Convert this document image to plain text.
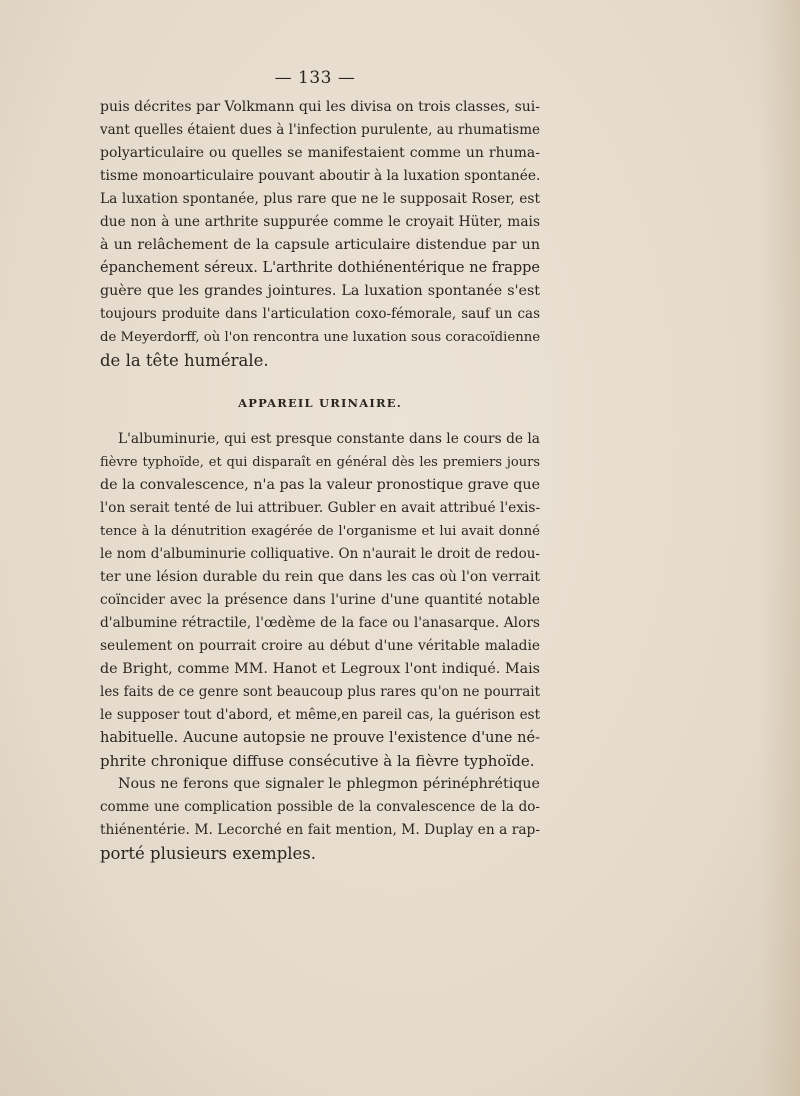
— 133 —
puis décrites par Volkmann qui les divisa on trois classes, sui-
vant quelles étaient dues à l'infection purulente, au rhumatisme
polyarticulaire ou quelles se manifestaient comme un rhuma-
tisme monoarticulaire pouvant aboutir à la luxation spontanée.
La luxation spontanée, plus rare que ne le supposait Roser, est
due non à une arthrite suppurée comme le croyait Hüter, mais
à un relâchement de la capsule articulaire distendue par un
épanchement séreux. L'arthrite dothiénentérique ne frappe
guère que les grandes jointures. La luxation spontanée s'est
toujours produite dans l'articulation coxo-fémorale, sauf un cas
de Meyerdorff, où l'on rencontra une luxation sous coracoïdienne
de la tête humérale.
APPAREIL URINAIRE.
L'albuminurie, qui est presque constante dans le cours de la
fièvre typhoïde, et qui disparaît en général dès les premiers jours
de la convalescence, n'a pas la valeur pronostique grave que
l'on serait tenté de lui attribuer. Gubler en avait attribué l'exis-
tence à la dénutrition exagérée de l'organisme et lui avait donné
le nom d'albuminurie colliquative. On n'aurait le droit de redou-
ter une lésion durable du rein que dans les cas où l'on verrait
coïncider avec la présence dans l'urine d'une quantité notable
d'albumine rétractile, l'œdème de la face ou l'anasarque. Alors
seulement on pourrait croire au début d'une véritable maladie
de Bright, comme MM. Hanot et Legroux l'ont indiqué. Mais
les faits de ce genre sont beaucoup plus rares qu'on ne pourrait
le supposer tout d'abord, et même,en pareil cas, la guérison est
habituelle. Aucune autopsie ne prouve l'existence d'une né-
phrite chronique diffuse consécutive à la fièvre typhoïde.
Nous ne ferons que signaler le phlegmon périnéphrétique
comme une complication possible de la convalescence de la do-
thiénentérie. M. Lecorché en fait mention, M. Duplay en a rap-
porté plusieurs exemples.
